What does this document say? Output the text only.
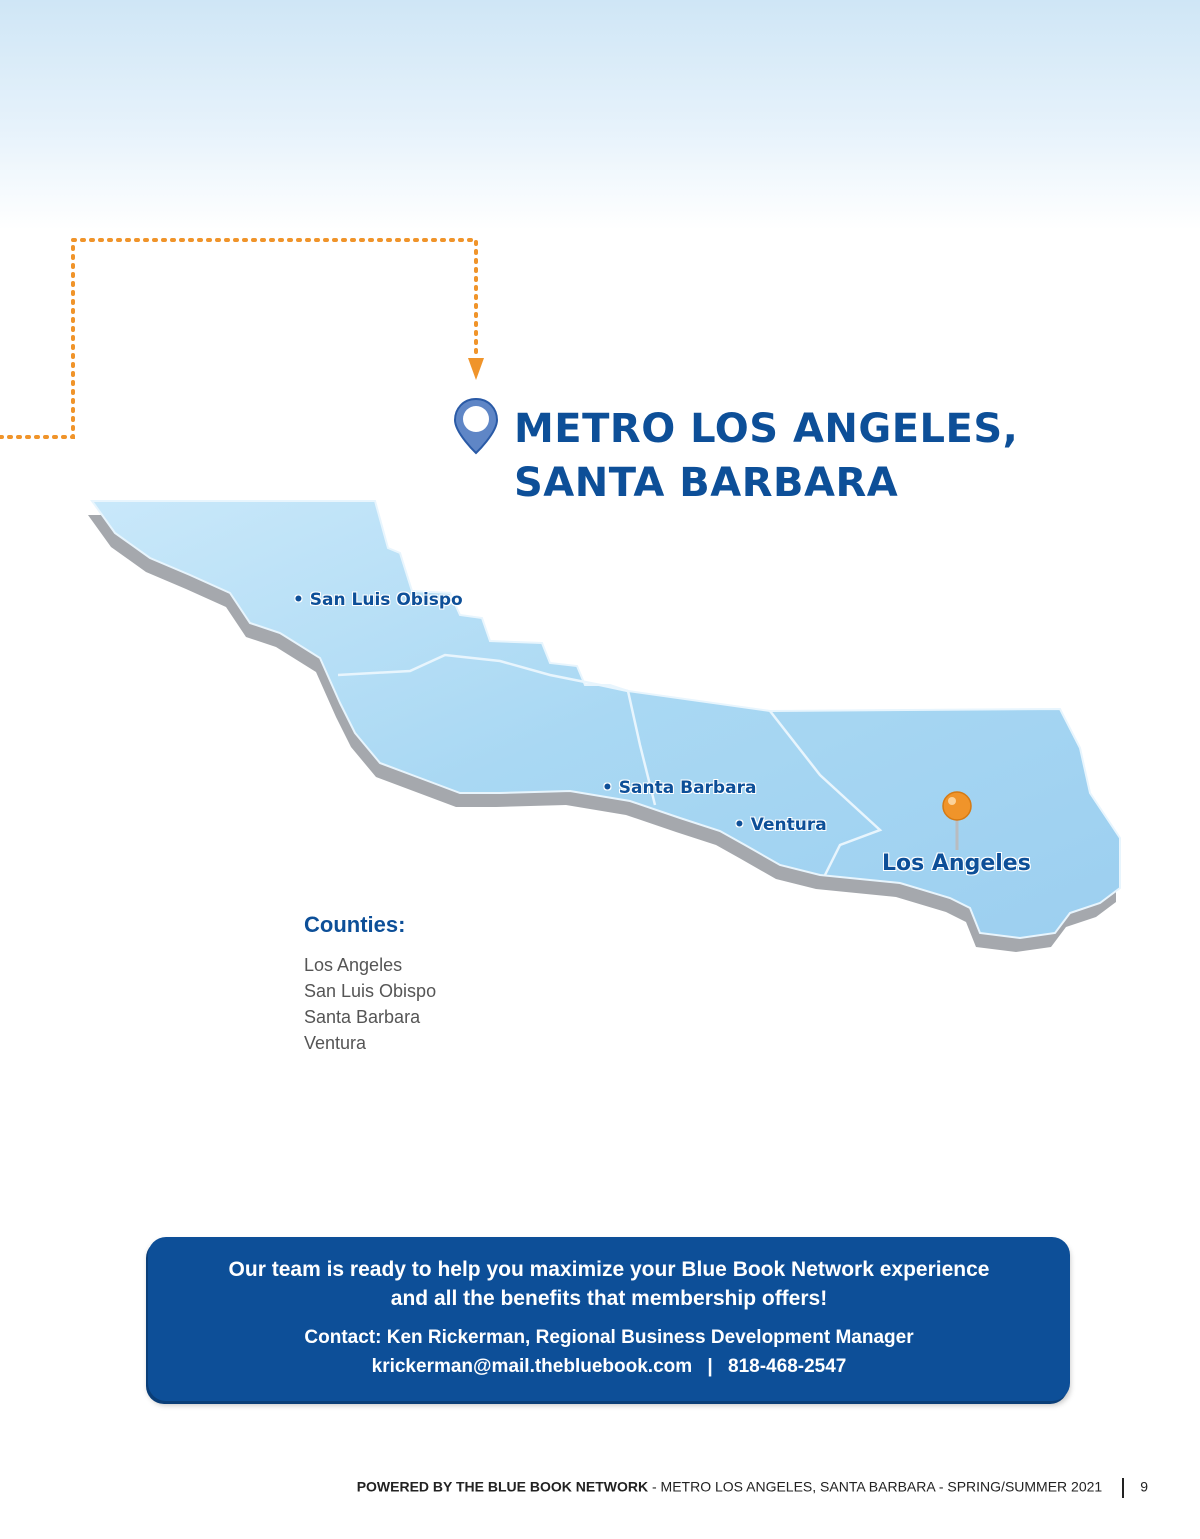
METRO LOS ANGELES,
SANTA BARBARA
• San Luis Obispo
• Santa Barbara
• Ventura
Los Angeles
Counties:
Los Angeles
San Luis Obispo
Santa Barbara
Ventura
Our team is ready to help you maximize your Blue Book Network experience
and all the benefits that membership offers!
Contact: Ken Rickerman, Regional Business Development Manager
krickerman@mail.thebluebook.com | 818-468-2547
POWERED BY THE BLUE BOOK NETWORK - METRO LOS ANGELES, SANTA BARBARA - SPRING/SUMMER 2021	9
